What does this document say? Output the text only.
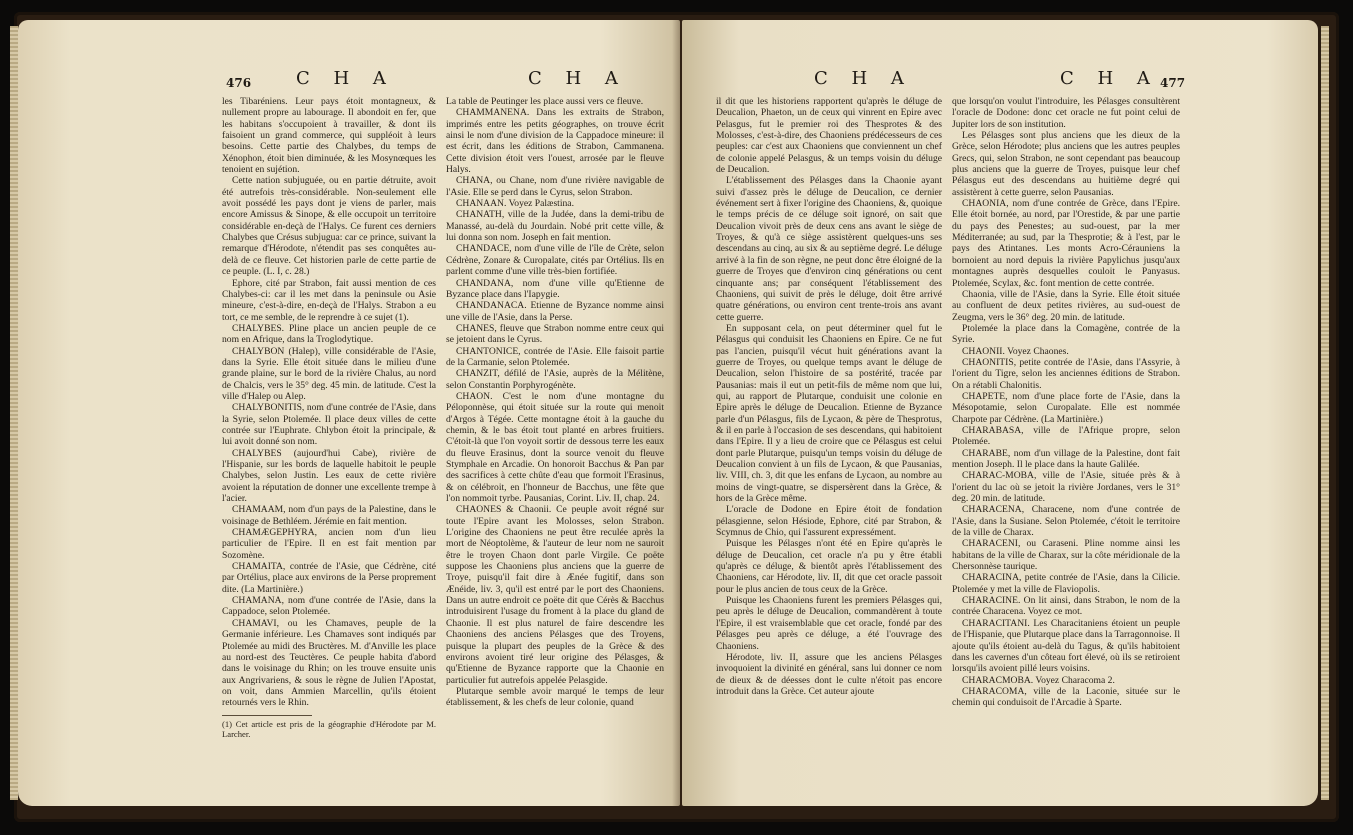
476 C H A	C H A

les Tibaréniens. Leur pays étoit montagneux, & nullement propre au labourage. Il abondoit en fer, que les habitans s'occupoient à travailler, & dont ils faisoient un grand commerce, qui suppléoit à leurs besoins. Cette partie des Chalybes, du temps de Xénophon, étoit bien diminuée, & les Mosynœques les tenoient en sujétion.

Cette nation subjuguée, ou en partie détruite, avoit été autrefois très-considérable. Non-seulement elle avoit possédé les pays dont je viens de parler, mais encore Amissus & Sinope, & elle occupoit un territoire considérable en-deçà de l'Halys. Ce furent ces derniers Chalybes que Crésus subjugua: car ce prince, suivant la remarque d'Hérodote, n'étendit pas ses conquêtes au-delà de ce fleuve. Cet historien parle de cette partie de ce peuple. (L. I, c. 28.)

Ephore, cité par Strabon, fait aussi mention de ces Chalybes-ci: car il les met dans la peninsule ou Asie mineure, c'est-à-dire, en-deçà de l'Halys. Strabon a eu tort, ce me semble, de le reprendre à ce sujet (1).

CHALYBES. Pline place un ancien peuple de ce nom en Afrique, dans la Troglodytique.

CHALYBON (Halep), ville considérable de l'Asie, dans la Syrie. Elle étoit située dans le milieu d'une grande plaine, sur le bord de la rivière Chalus, au nord de Chalcis, vers le 35° deg. 45 min. de latitude. C'est la ville d'Halep ou Alep.

CHALYBONITIS, nom d'une contrée de l'Asie, dans la Syrie, selon Ptolemée. Il place deux villes de cette contrée sur l'Euphrate. Chlybon étoit la principale, & lui avoit donné son nom.

CHALYBES (aujourd'hui Cabe), rivière de l'Hispanie, sur les bords de laquelle habitoit le peuple Chalybes, selon Justin. Les eaux de cette rivière avoient la réputation de donner une excellente trempe à l'acier.

CHAMAAM, nom d'un pays de la Palestine, dans le voisinage de Bethléem. Jérémie en fait mention.

CHAMÆGEPHYRA, ancien nom d'un lieu particulier de l'Epire. Il en est fait mention par Sozomène.

CHAMAITA, contrée de l'Asie, que Cédrène, cité par Ortélius, place aux environs de la Perse proprement dite. (La Martinière.)

CHAMANA, nom d'une contrée de l'Asie, dans la Cappadoce, selon Ptolemée.

CHAMAVI, ou les Chamaves, peuple de la Germanie inférieure. Les Chamaves sont indiqués par Ptolemée au midi des Bructères. M. d'Anville les place au nord-est des Teuctères. Ce peuple habita d'abord dans le voisinage du Rhin; on les trouve ensuite unis aux Angrivariens, & sous le règne de Julien l'Apostat, on voit, dans Ammien Marcellin, qu'ils étoient retournés vers le Rhin.

(1) Cet article est pris de la géographie d'Hérodote par M. Larcher.

La table de Peutinger les place aussi vers ce fleuve.

CHAMMANENA. Dans les extraits de Strabon, imprimés entre les petits géographes, on trouve écrit ainsi le nom d'une division de la Cappadoce mineure: il est écrit, dans les éditions de Strabon, Cammanena. Cette division étoit vers l'ouest, arrosée par le fleuve Halys.

CHANA, ou Chane, nom d'une rivière navigable de l'Asie. Elle se perd dans le Cyrus, selon Strabon.

CHANAAN. Voyez Palæstina.

CHANATH, ville de la Judée, dans la demi-tribu de Manassé, au-delà du Jourdain. Nobé prit cette ville, & lui donna son nom. Joseph en fait mention.

CHANDACE, nom d'une ville de l'île de Crète, selon Cédrène, Zonare & Curopalate, cités par Ortélius. Ils en parlent comme d'une ville très-bien fortifiée.

CHANDANA, nom d'une ville qu'Etienne de Byzance place dans l'Iapygie.

CHANDANACA. Etienne de Byzance nomme ainsi une ville de l'Asie, dans la Perse.

CHANES, fleuve que Strabon nomme entre ceux qui se jetoient dans le Cyrus.

CHANTONICE, contrée de l'Asie. Elle faisoit partie de la Carmanie, selon Ptolemée.

CHANZIT, défilé de l'Asie, auprès de la Mélitène, selon Constantin Porphyrogénète.

CHAON. C'est le nom d'une montagne du Péloponnèse, qui étoit située sur la route qui menoit d'Argos à Tégée. Cette montagne étoit à la gauche du chemin, & le bas étoit tout planté en arbres fruitiers. C'étoit-là que l'on voyoit sortir de dessous terre les eaux du fleuve Erasinus, dont la source venoit du fleuve Stymphale en Arcadie. On honoroit Bacchus & Pan par des sacrifices à cette chûte d'eau que formoit l'Erasinus, & on célébroit, en l'honneur de Bacchus, une fête que l'on nommoit tyrbe. Pausanias, Corint. Liv. II, chap. 24.

CHAONES & Chaonii. Ce peuple avoit régné sur toute l'Epire avant les Molosses, selon Strabon. L'origine des Chaoniens ne peut être reculée après la mort de Néoptolème, & l'auteur de leur nom ne sauroit être le troyen Chaon dont parle Virgile. Ce poëte suppose les Chaoniens plus anciens que la guerre de Troye, puisqu'il fait dire à Ænée fugitif, dans son Ænéide, liv. 3, qu'il est entré par le port des Chaoniens. Dans un autre endroit ce poëte dit que Cérès & Bacchus introduisirent l'usage du froment à la place du gland de Chaonie. Il est plus naturel de faire descendre les Chaoniens des anciens Pélasges que des Troyens, puisque la plupart des peuples de la Grèce & des environs avoient tiré leur origine des Pélasges, & qu'Etienne de Byzance rapporte que la Chaonie en particulier fut autrefois appelée Pelasgide.

Plutarque semble avoir marqué le temps de leur établissement, & les chefs de leur colonie, quand

C H A	C H A 477

il dit que les historiens rapportent qu'après le déluge de Deucalion, Phaeton, un de ceux qui vinrent en Epire avec Pelasgus, fut le premier roi des Thesprotes & des Molosses, c'est-à-dire, des Chaoniens prédécesseurs de ces peuples: car c'est aux Chaoniens que conviennent un chef de colonie appelé Pelasgus, & un temps voisin du déluge de Deucalion.

L'établissement des Pélasges dans la Chaonie ayant suivi d'assez près le déluge de Deucalion, ce dernier événement sert à fixer l'origine des Chaoniens, &, quoique le temps précis de ce déluge soit ignoré, on sait que Deucalion vivoit près de deux cens ans avant le siège de Troyes, & qu'à ce siège assistèrent quelques-uns ses descendans au cinq, au six & au septième degré. Le déluge arrivé à la fin de son règne, ne peut donc être éloigné de la guerre de Troyes que d'environ cinq générations ou cent cinquante ans; par conséquent l'établissement des Chaoniens, qui suivit de près le déluge, doit être arrivé quatre générations, ou environ cent trente-trois ans avant cette guerre.

En supposant cela, on peut déterminer quel fut le Pélasgus qui conduisit les Chaoniens en Epire. Ce ne fut pas l'ancien, puisqu'il vécut huit générations avant la guerre de Troyes, ou quelque temps avant le déluge de Deucalion, selon l'histoire de sa postérité, tracée par Pausanias: mais il eut un petit-fils de même nom que lui, qui, au rapport de Plutarque, conduisit une colonie en Epire après le déluge de Deucalion. Etienne de Byzance parle d'un Pélasgus, fils de Lycaon, & père de Thesprotus, & il en parle à l'occasion de ses descendans, qui habitoient dans l'Epire. Il y a lieu de croire que ce Pélasgus est celui dont parle Plutarque, puisqu'un temps voisin du déluge de Deucalion convient à un fils de Lycaon, & que Pausanias, liv. VIII, ch. 3, dit que les enfans de Lycaon, au nombre au moins de vingt-quatre, se dispersèrent dans la Grèce, & hors de la Grèce même.

L'oracle de Dodone en Epire étoit de fondation pélasgienne, selon Hésiode, Ephore, cité par Strabon, & Scymnus de Chio, qui l'assurent expressément.

Puisque les Pélasges n'ont été en Epire qu'après le déluge de Deucalion, cet oracle n'a pu y être établi qu'après ce déluge, & bientôt après l'établissement des Chaoniens, car Hérodote, liv. II, dit que cet oracle passoit pour le plus ancien de tous ceux de la Grèce.

Puisque les Chaoniens furent les premiers Pélasges qui, peu après le déluge de Deucalion, commandèrent à toute l'Epire, il est vraisemblable que cet oracle, fondé par des Pélasges peu après ce déluge, a été l'ouvrage des Chaoniens.

Hérodote, liv. II, assure que les anciens Pélasges invoquoient la divinité en général, sans lui donner ce nom de dieux & de déesses dont le culte n'étoit pas encore introduit dans la Grèce. Cet auteur ajoute

que lorsqu'on voulut l'introduire, les Pélasges consultèrent l'oracle de Dodone: donc cet oracle ne fut point celui de Jupiter lors de son institution.

Les Pélasges sont plus anciens que les dieux de la Grèce, selon Hérodote; plus anciens que les autres peuples Grecs, qui, selon Strabon, ne sont cependant pas beaucoup plus anciens que la guerre de Troyes, puisque leur chef Pélasgus eut des descendans au huitième degré qui assistèrent à cette guerre, selon Pausanias.

CHAONIA, nom d'une contrée de Grèce, dans l'Epire. Elle étoit bornée, au nord, par l'Orestide, & par une partie du pays des Penestes; au sud-ouest, par la mer Méditerranée; au sud, par la Thesprotie; & à l'est, par le pays des Atintanes. Les monts Acro-Cérauniens la bornoient au nord depuis la rivière Papylichus jusqu'aux montagnes auprès desquelles couloit le Panyasus. Ptolemée, Scylax, &c. font mention de cette contrée.

Chaonia, ville de l'Asie, dans la Syrie. Elle étoit située au confluent de deux petites rivières, au sud-ouest de Zeugma, vers le 36° deg. 20 min. de latitude.

Ptolemée la place dans la Comagène, contrée de la Syrie.

CHAONII. Voyez Chaones.

CHAONITIS, petite contrée de l'Asie, dans l'Assyrie, à l'orient du Tigre, selon les anciennes éditions de Strabon. On a rétabli Chalonitis.

CHAPETE, nom d'une place forte de l'Asie, dans la Mésopotamie, selon Curopalate. Elle est nommée Charpote par Cédrène. (La Martinière.)

CHARABASA, ville de l'Afrique propre, selon Ptolemée.

CHARABE, nom d'un village de la Palestine, dont fait mention Joseph. Il le place dans la haute Galilée.

CHARAC-MOBA, ville de l'Asie, située près & à l'orient du lac où se jetoit la rivière Jordanes, vers le 31° deg. 20 min. de latitude.

CHARACENA, Characene, nom d'une contrée de l'Asie, dans la Susiane. Selon Ptolemée, c'étoit le territoire de la ville de Charax.

CHARACENI, ou Caraseni. Pline nomme ainsi les habitans de la ville de Charax, sur la côte méridionale de la Chersonnèse taurique.

CHARACINA, petite contrée de l'Asie, dans la Cilicie. Ptolemée y met la ville de Flaviopolis.

CHARACINE. On lit ainsi, dans Strabon, le nom de la contrée Characena. Voyez ce mot.

CHARACITANI. Les Characitaniens étoient un peuple de l'Hispanie, que Plutarque place dans la Tarragonnoise. Il ajoute qu'ils étoient au-delà du Tagus, & qu'ils habitoient dans les cavernes d'un côteau fort élevé, où ils se retiroient lorsqu'ils avoient pillé leurs voisins.

CHARACMOBA. Voyez Characoma 2.

CHARACOMA, ville de la Laconie, située sur le chemin qui conduisoit de l'Arcadie à Sparte.
